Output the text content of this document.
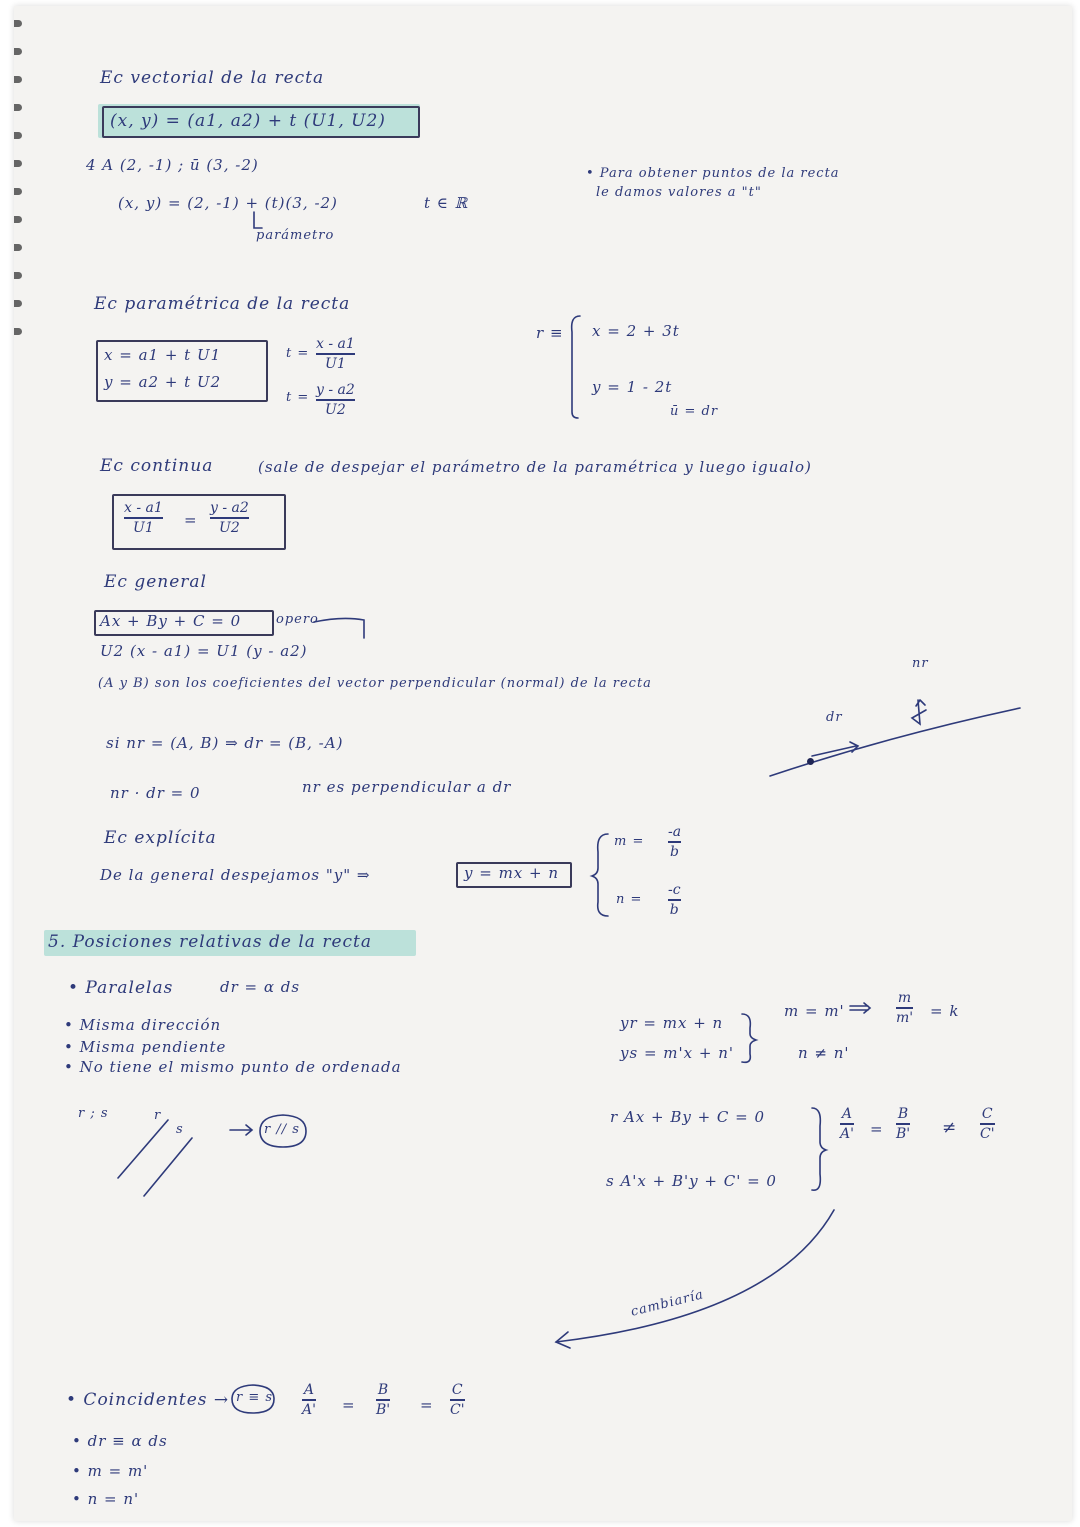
Ec vectorial de la recta
(x, y) = (a1, a2) + t (U1, U2)
4 A (2, -1) ; ū (3, -2)
(x, y) = (2, -1) + (t)(3, -2)	t ∈ ℝ
parámetro
• Para obtener puntos de la recta
le damos valores a "t"
Ec paramétrica de la recta
x = a1 + t U1
y = a2 + t U2
t =
t =
x - a1
U1
y - a2
U2
r ≡ x = 2 + 3t
y = 1 - 2t
ū = dr
Ec continua	(sale de despejar el parámetro de la paramétrica y luego igualo)
x - a1
U1 =
y - a2
U2
Ec general
Ax + By + C = 0	opero
U2 (x - a1) = U1 (y - a2)
(A y B) son los coeficientes del vector perpendicular (normal) de la recta
si nr = (A, B) ⇒ dr = (B, -A)
nr · dr = 0	nr es perpendicular a dr
dr
nr
Ec explícita
De la general despejamos "y" ⇒	y = mx + n
m =
-a
b
n =
-c
b
5. Posiciones relativas de la recta
• Paralelas	dr = α ds
• Misma dirección
• Misma pendiente
• No tiene el mismo punto de ordenada
r ; s	r
s	r // s
yr = mx + n
ys = m'x + n'
m = m'
n ≠ n'
m
m' = k
r Ax + By + C = 0
s A'x + B'y + C' = 0
A
A' =
B
B' ≠
C
C'
cambiaría
• Coincidentes → r ≡ s
• dr ≡ α ds
• m = m'
• n = n'
A
A' =
B
B' =
C
C'
